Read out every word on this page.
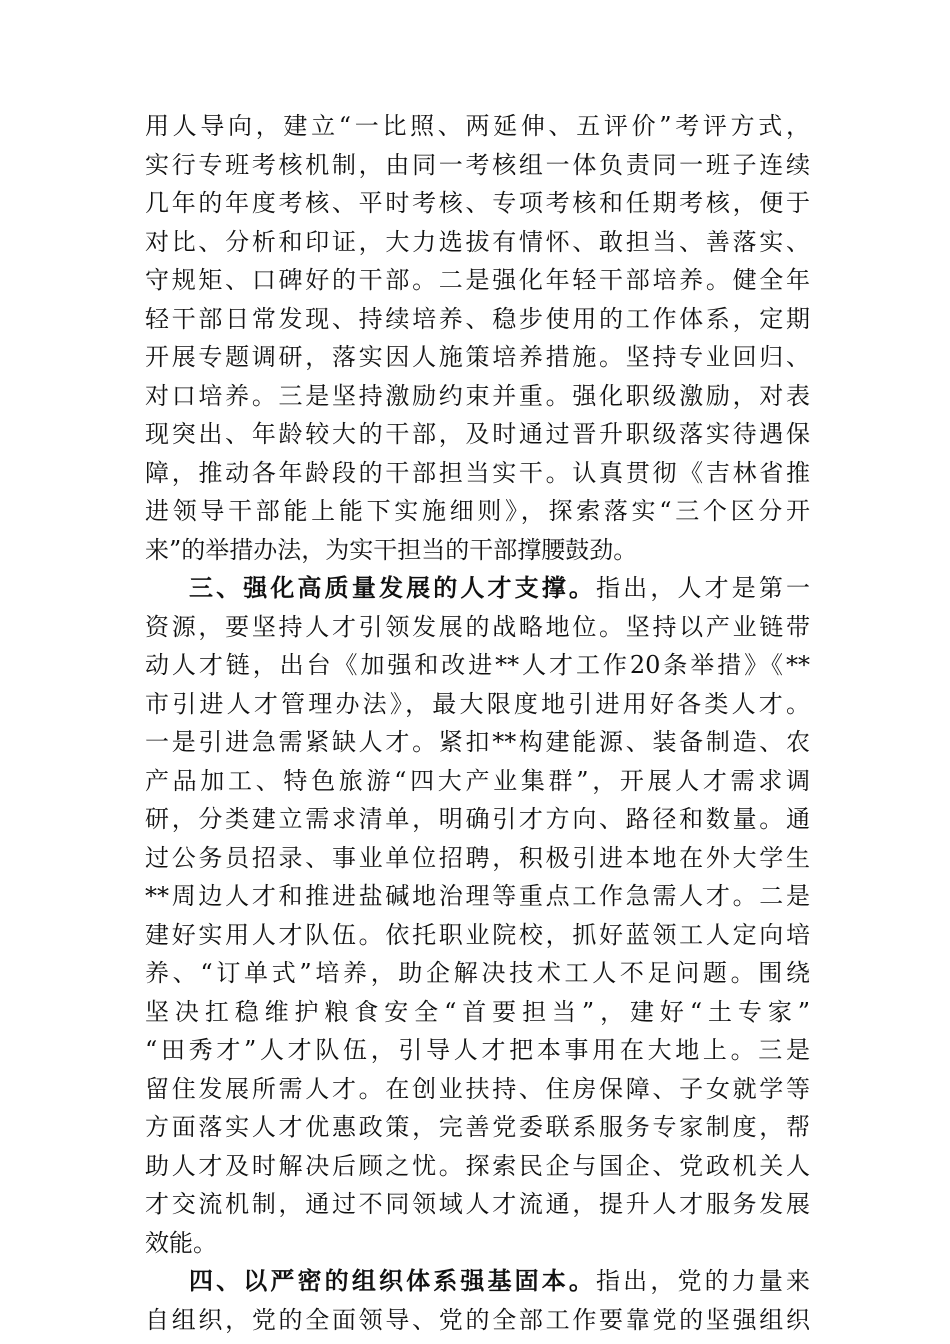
用人导向，建立“一比照、两延伸、五评价”考评方式，
实行专班考核机制，由同一考核组一体负责同一班子连续
几年的年度考核、平时考核、专项考核和任期考核，便于
对比、分析和印证，大力选拔有情怀、敢担当、善落实、
守规矩、口碑好的干部。二是强化年轻干部培养。健全年
轻干部日常发现、持续培养、稳步使用的工作体系，定期
开展专题调研，落实因人施策培养措施。坚持专业回归、
对口培养。三是坚持激励约束并重。强化职级激励，对表
现突出、年龄较大的干部，及时通过晋升职级落实待遇保
障，推动各年龄段的干部担当实干。认真贯彻《吉林省推
进领导干部能上能下实施细则》，探索落实“三个区分开
来”的举措办法，为实干担当的干部撑腰鼓劲。
三、强化高质量发展的人才支撑。指出，人才是第一
资源，要坚持人才引领发展的战略地位。坚持以产业链带
动人才链，出台《加强和改进**人才工作20条举措》《**
市引进人才管理办法》，最大限度地引进用好各类人才。
一是引进急需紧缺人才。紧扣**构建能源、装备制造、农
产品加工、特色旅游“四大产业集群”，开展人才需求调
研，分类建立需求清单，明确引才方向、路径和数量。通
过公务员招录、事业单位招聘，积极引进本地在外大学生
**周边人才和推进盐碱地治理等重点工作急需人才。二是
建好实用人才队伍。依托职业院校，抓好蓝领工人定向培
养、“订单式”培养，助企解决技术工人不足问题。围绕
坚决扛稳维护粮食安全“首要担当”，建好“土专家”
“田秀才”人才队伍，引导人才把本事用在大地上。三是
留住发展所需人才。在创业扶持、住房保障、子女就学等
方面落实人才优惠政策，完善党委联系服务专家制度，帮
助人才及时解决后顾之忧。探索民企与国企、党政机关人
才交流机制，通过不同领域人才流通，提升人才服务发展
效能。
四、以严密的组织体系强基固本。指出，党的力量来
自组织，党的全面领导、党的全部工作要靠党的坚强组织
